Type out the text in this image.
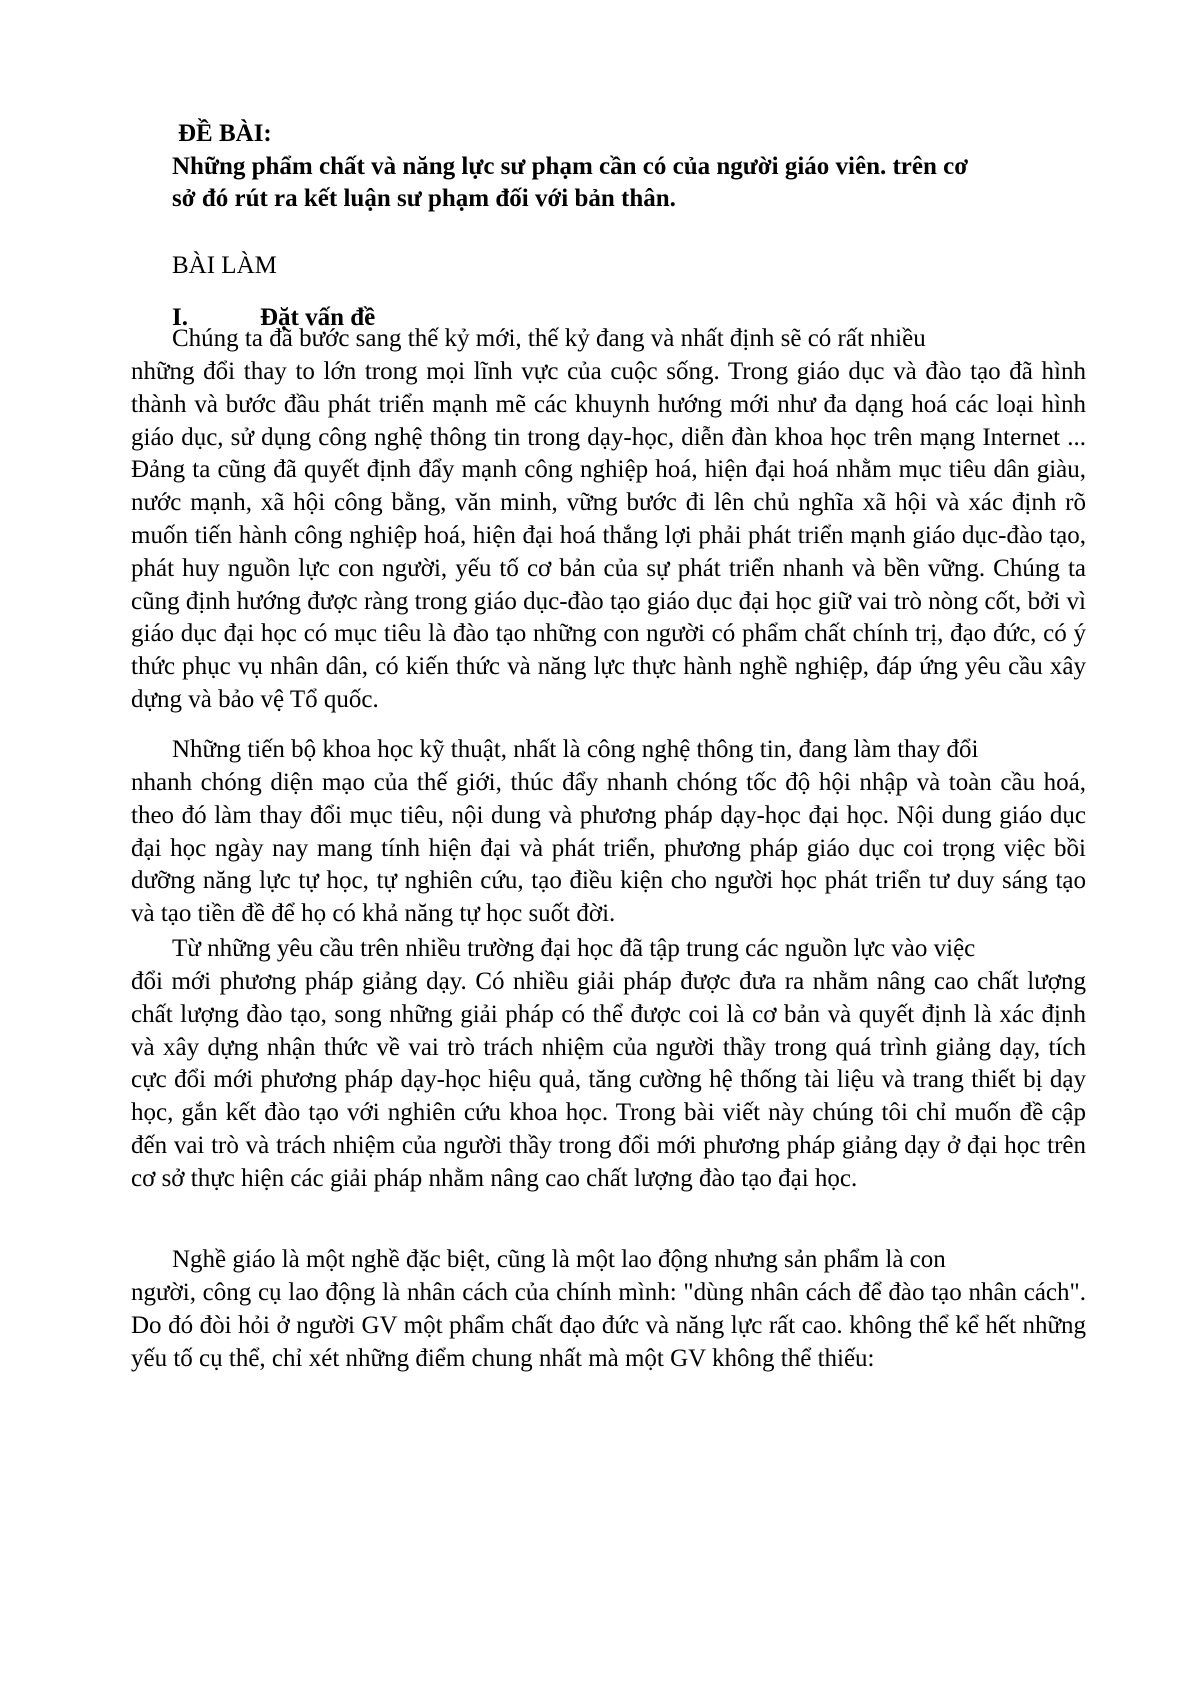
ĐỀ BÀI:
Những phẩm chất và năng lực sư phạm cần có của người giáo viên. trên cơ
sở đó rút ra kết luận sư phạm đối với bản thân.
BÀI LÀM
I.	Đặt vấn đề
Chúng ta đã bước sang thế kỷ mới, thế kỷ đang và nhất định sẽ có rất nhiều
những đổi thay to lớn trong mọi lĩnh vực của cuộc sống. Trong giáo dục và đào tạo đã hình thành và bước đầu phát triển mạnh mẽ các khuynh hướng mới như đa dạng hoá các loại hình giáo dục, sử dụng công nghệ thông tin trong dạy-học, diễn đàn khoa học trên mạng Internet ... Đảng ta cũng đã quyết định đẩy mạnh công nghiệp hoá, hiện đại hoá nhằm mục tiêu dân giàu, nước mạnh, xã hội công bằng, văn minh, vững bước đi lên chủ nghĩa xã hội và xác định rõ muốn tiến hành công nghiệp hoá, hiện đại hoá thắng lợi phải phát triển mạnh giáo dục-đào tạo, phát huy nguồn lực con người, yếu tố cơ bản của sự phát triển nhanh và bền vững. Chúng ta cũng định hướng được ràng trong giáo dục-đào tạo giáo dục đại học giữ vai trò nòng cốt, bởi vì giáo dục đại học có mục tiêu là đào tạo những con người có phẩm chất chính trị, đạo đức, có ý thức phục vụ nhân dân, có kiến thức và năng lực thực hành nghề nghiệp, đáp ứng yêu cầu xây dựng và bảo vệ Tổ quốc.
Những tiến bộ khoa học kỹ thuật, nhất là công nghệ thông tin, đang làm thay đổi
nhanh chóng diện mạo của thế giới, thúc đẩy nhanh chóng tốc độ hội nhập và toàn cầu hoá, theo đó làm thay đổi mục tiêu, nội dung và phương pháp dạy-học đại học. Nội dung giáo dục đại học ngày nay mang tính hiện đại và phát triển, phương pháp giáo dục coi trọng việc bồi dưỡng năng lực tự học, tự nghiên cứu, tạo điều kiện cho người học phát triển tư duy sáng tạo và tạo tiền đề để họ có khả năng tự học suốt đời.
Từ những yêu cầu trên nhiều trường đại học đã tập trung các nguồn lực vào việc
đổi mới phương pháp giảng dạy. Có nhiều giải pháp được đưa ra nhằm nâng cao chất lượng chất lượng đào tạo, song những giải pháp có thể được coi là cơ bản và quyết định là xác định và xây dựng nhận thức về vai trò trách nhiệm của người thầy trong quá trình giảng dạy, tích cực đổi mới phương pháp dạy-học hiệu quả, tăng cường hệ thống tài liệu và trang thiết bị dạy học, gắn kết đào tạo với nghiên cứu khoa học. Trong bài viết này chúng tôi chỉ muốn đề cập đến vai trò và trách nhiệm của người thầy trong đổi mới phương pháp giảng dạy ở đại học trên cơ sở thực hiện các giải pháp nhằm nâng cao chất lượng đào tạo đại học.
Nghề giáo là một nghề đặc biệt, cũng là một lao động nhưng sản phẩm là con
người, công cụ lao động là nhân cách của chính mình: "dùng nhân cách để đào tạo nhân cách". Do đó đòi hỏi ở người GV một phẩm chất đạo đức và năng lực rất cao. không thể kể hết những yếu tố cụ thể, chỉ xét những điểm chung nhất mà một GV không thể thiếu:
